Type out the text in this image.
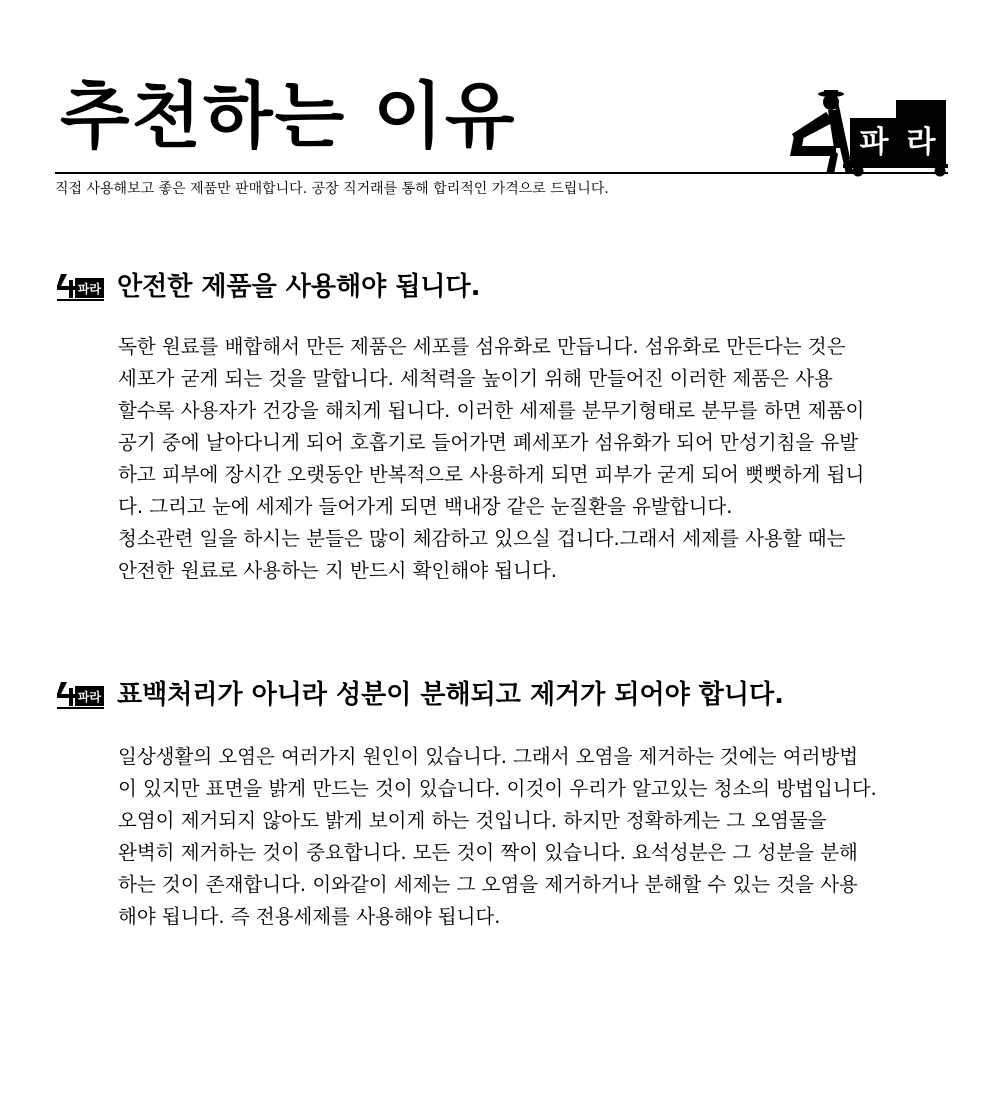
추천하는 이유	파 라
직접 사용해보고 좋은 제품만 판매합니다. 공장 직거래를 통해 합리적인 가격으로 드립니다.
파라 안전한 제품을 사용해야 됩니다.

독한 원료를 배합해서 만든 제품은 세포를 섬유화로 만듭니다. 섬유화로 만든다는 것은

세포가 굳게 되는 것을 말합니다. 세척력을 높이기 위해 만들어진 이러한 제품은 사용

할수록 사용자가 건강을 해치게 됩니다. 이러한 세제를 분무기형태로 분무를 하면 제품이

공기 중에 날아다니게 되어 호흡기로 들어가면 폐세포가 섬유화가 되어 만성기침을 유발

하고 피부에 장시간 오랫동안 반복적으로 사용하게 되면 피부가 굳게 되어 뻣뻣하게 됩니

다. 그리고 눈에 세제가 들어가게 되면 백내장 같은 눈질환을 유발합니다.

청소관련 일을 하시는 분들은 많이 체감하고 있으실 겁니다.그래서 세제를 사용할 때는

안전한 원료로 사용하는 지 반드시 확인해야 됩니다.

파라 표백처리가 아니라 성분이 분해되고 제거가 되어야 합니다.

일상생활의 오염은 여러가지 원인이 있습니다. 그래서 오염을 제거하는 것에는 여러방법

이 있지만 표면을 밝게 만드는 것이 있습니다. 이것이 우리가 알고있는 청소의 방법입니다.

오염이 제거되지 않아도 밝게 보이게 하는 것입니다. 하지만 정확하게는 그 오염물을

완벽히 제거하는 것이 중요합니다. 모든 것이 짝이 있습니다. 요석성분은 그 성분을 분해

하는 것이 존재합니다. 이와같이 세제는 그 오염을 제거하거나 분해할 수 있는 것을 사용

해야 됩니다. 즉 전용세제를 사용해야 됩니다.
